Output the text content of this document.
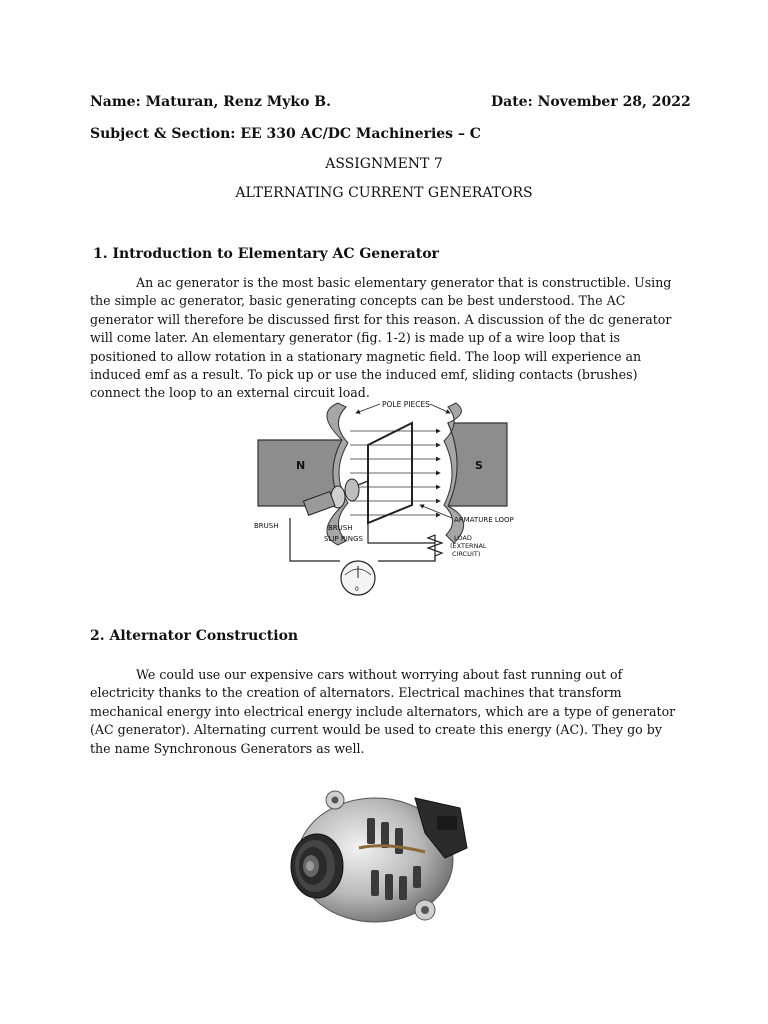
Name: Maturan, Renz Myko B.	Date: November 28, 2022
Subject & Section: EE 330 AC/DC Machineries – C
ASSIGNMENT 7
ALTERNATING CURRENT GENERATORS
1. Introduction to Elementary AC Generator

An ac generator is the most basic elementary generator that is constructible. Using the simple ac generator, basic generating concepts can be best understood. The AC generator will therefore be discussed first for this reason. A discussion of the dc generator will come later. An elementary generator (fig. 1-2) is made up of a wire loop that is positioned to allow rotation in a stationary magnetic field. The loop will experience an induced emf as a result. To pick up or use the induced emf, sliding contacts (brushes) connect the loop to an external circuit load.

POLE PIECES
N	S
BRUSH	BRUSH
SLIP RINGS
ARMATURE LOOP
LOAD
(EXTERNAL
CIRCUIT)
0
2. Alternator Construction

We could use our expensive cars without worrying about fast running out of electricity thanks to the creation of alternators. Electrical machines that transform mechanical energy into electrical energy include alternators, which are a type of generator (AC generator). Alternating current would be used to create this energy (AC). They go by the name Synchronous Generators as well.
